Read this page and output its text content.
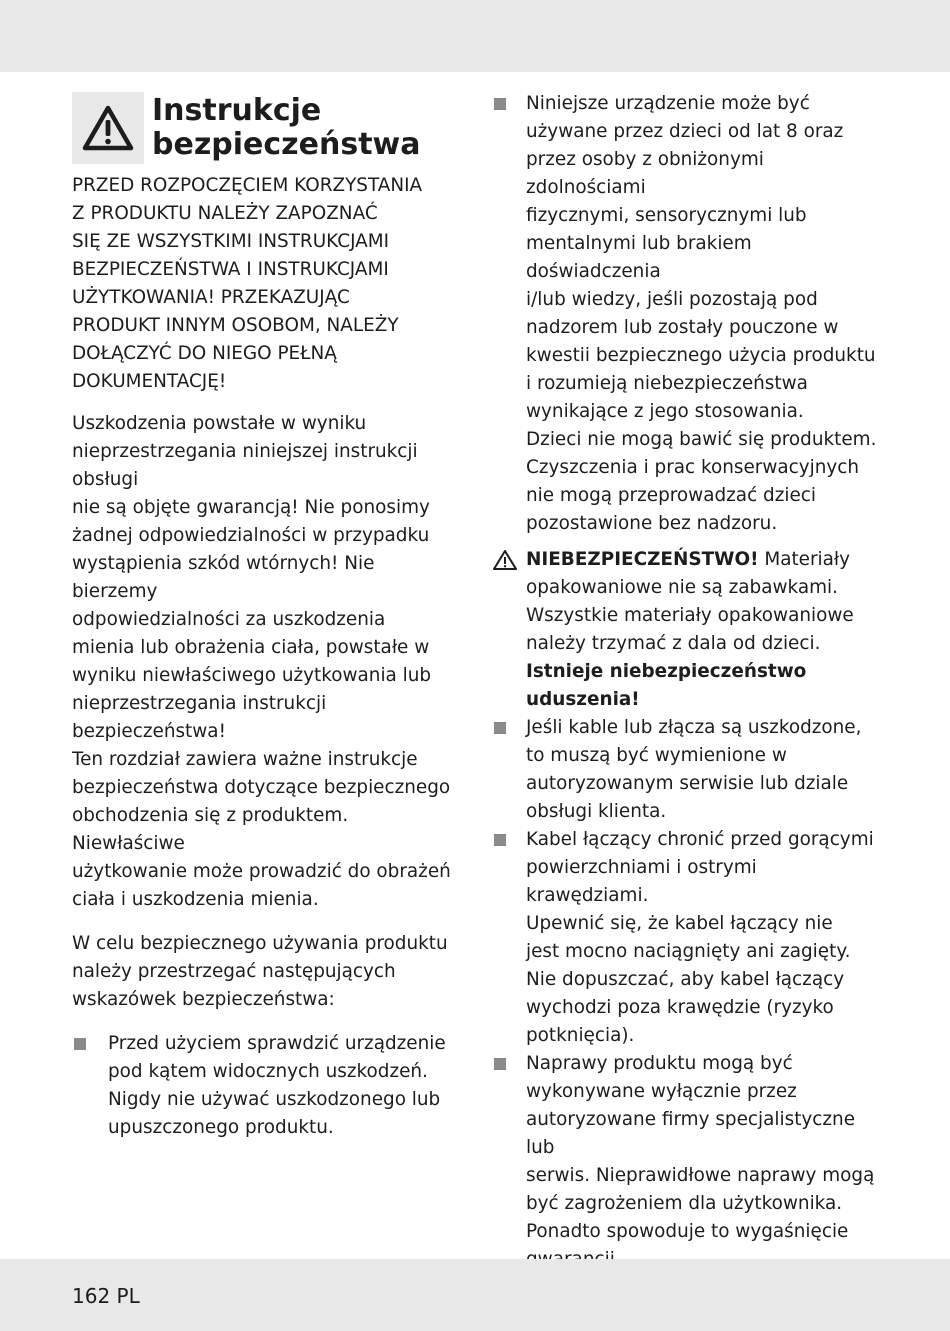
Instrukcje
bezpieczeństwa
PRZED ROZPOCZĘCIEM KORZYSTANIA
Z PRODUKTU NALEŻY ZAPOZNAĆ
SIĘ ZE WSZYSTKIMI INSTRUKCJAMI
BEZPIECZEŃSTWA I INSTRUKCJAMI
UŻYTKOWANIA! PRZEKAZUJĄC
PRODUKT INNYM OSOBOM, NALEŻY
DOŁĄCZYĆ DO NIEGO PEŁNĄ
DOKUMENTACJĘ!

Uszkodzenia powstałe w wyniku
nieprzestrzegania niniejszej instrukcji obsługi
nie są objęte gwarancją! Nie ponosimy
żadnej odpowiedzialności w przypadku
wystąpienia szkód wtórnych! Nie bierzemy
odpowiedzialności za uszkodzenia
mienia lub obrażenia ciała, powstałe w
wyniku niewłaściwego użytkowania lub
nieprzestrzegania instrukcji bezpieczeństwa!
Ten rozdział zawiera ważne instrukcje
bezpieczeństwa dotyczące bezpiecznego
obchodzenia się z produktem. Niewłaściwe
użytkowanie może prowadzić do obrażeń
ciała i uszkodzenia mienia.

W celu bezpiecznego używania produktu
należy przestrzegać następujących
wskazówek bezpieczeństwa:

Przed użyciem sprawdzić urządzenie
pod kątem widocznych uszkodzeń.
Nigdy nie używać uszkodzonego lub
upuszczonego produktu.
Niniejsze urządzenie może być
używane przez dzieci od lat 8 oraz
przez osoby z obniżonymi zdolnościami
fizycznymi, sensorycznymi lub
mentalnymi lub brakiem doświadczenia
i/lub wiedzy, jeśli pozostają pod
nadzorem lub zostały pouczone w
kwestii bezpiecznego użycia produktu
i rozumieją niebezpieczeństwa
wynikające z jego stosowania.
Dzieci nie mogą bawić się produktem.
Czyszczenia i prac konserwacyjnych
nie mogą przeprowadzać dzieci
pozostawione bez nadzoru.
NIEBEZPIECZEŃSTWO! Materiały
opakowaniowe nie są zabawkami.
Wszystkie materiały opakowaniowe
należy trzymać z dala od dzieci.
Istnieje niebezpieczeństwo
uduszenia!
Jeśli kable lub złącza są uszkodzone,
to muszą być wymienione w
autoryzowanym serwisie lub dziale
obsługi klienta.
Kabel łączący chronić przed gorącymi
powierzchniami i ostrymi krawędziami.
Upewnić się, że kabel łączący nie
jest mocno naciągnięty ani zagięty.
Nie dopuszczać, aby kabel łączący
wychodzi poza krawędzie (ryzyko
potknięcia).
Naprawy produktu mogą być
wykonywane wyłącznie przez
autoryzowane firmy specjalistyczne lub
serwis. Nieprawidłowe naprawy mogą
być zagrożeniem dla użytkownika.
Ponadto spowoduje to wygaśnięcie
162 PL
